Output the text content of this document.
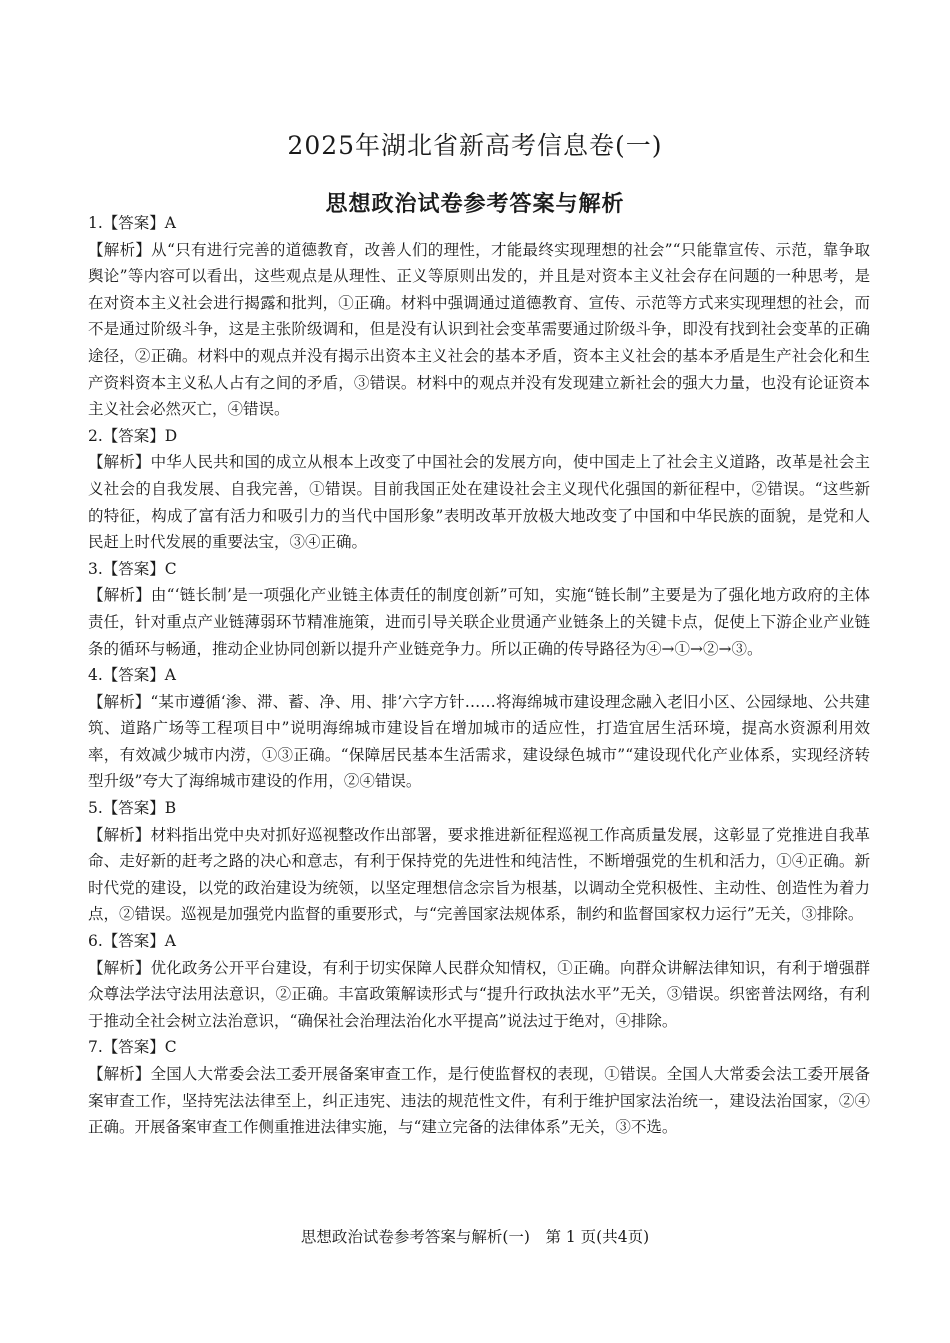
2025年湖北省新高考信息卷(一)
思想政治试卷参考答案与解析
1.【答案】A
【解析】从“只有进行完善的道德教育，改善人们的理性，才能最终实现理想的社会”“只能靠宣传、示范，靠争取舆论”等内容可以看出，这些观点是从理性、正义等原则出发的，并且是对资本主义社会存在问题的一种思考，是在对资本主义社会进行揭露和批判，①正确。材料中强调通过道德教育、宣传、示范等方式来实现理想的社会，而不是通过阶级斗争，这是主张阶级调和，但是没有认识到社会变革需要通过阶级斗争，即没有找到社会变革的正确途径，②正确。材料中的观点并没有揭示出资本主义社会的基本矛盾，资本主义社会的基本矛盾是生产社会化和生产资料资本主义私人占有之间的矛盾，③错误。材料中的观点并没有发现建立新社会的强大力量，也没有论证资本主义社会必然灭亡，④错误。
2.【答案】D
【解析】中华人民共和国的成立从根本上改变了中国社会的发展方向，使中国走上了社会主义道路，改革是社会主义社会的自我发展、自我完善，①错误。目前我国正处在建设社会主义现代化强国的新征程中，②错误。“这些新的特征，构成了富有活力和吸引力的当代中国形象”表明改革开放极大地改变了中国和中华民族的面貌，是党和人民赶上时代发展的重要法宝，③④正确。
3.【答案】C
【解析】由“‘链长制’是一项强化产业链主体责任的制度创新”可知，实施“链长制”主要是为了强化地方政府的主体责任，针对重点产业链薄弱环节精准施策，进而引导关联企业贯通产业链条上的关键卡点，促使上下游企业产业链条的循环与畅通，推动企业协同创新以提升产业链竞争力。所以正确的传导路径为④→①→②→③。
4.【答案】A
【解析】“某市遵循‘渗、滞、蓄、净、用、排’六字方针……将海绵城市建设理念融入老旧小区、公园绿地、公共建筑、道路广场等工程项目中”说明海绵城市建设旨在增加城市的适应性，打造宜居生活环境，提高水资源利用效率，有效减少城市内涝，①③正确。“保障居民基本生活需求，建设绿色城市”“建设现代化产业体系，实现经济转型升级”夸大了海绵城市建设的作用，②④错误。
5.【答案】B
【解析】材料指出党中央对抓好巡视整改作出部署，要求推进新征程巡视工作高质量发展，这彰显了党推进自我革命、走好新的赶考之路的决心和意志，有利于保持党的先进性和纯洁性，不断增强党的生机和活力，①④正确。新时代党的建设，以党的政治建设为统领，以坚定理想信念宗旨为根基，以调动全党积极性、主动性、创造性为着力点，②错误。巡视是加强党内监督的重要形式，与“完善国家法规体系，制约和监督国家权力运行”无关，③排除。
6.【答案】A
【解析】优化政务公开平台建设，有利于切实保障人民群众知情权，①正确。向群众讲解法律知识，有利于增强群众尊法学法守法用法意识，②正确。丰富政策解读形式与“提升行政执法水平”无关，③错误。织密普法网络，有利于推动全社会树立法治意识，“确保社会治理法治化水平提高”说法过于绝对，④排除。
7.【答案】C
【解析】全国人大常委会法工委开展备案审查工作，是行使监督权的表现，①错误。全国人大常委会法工委开展备案审查工作，坚持宪法法律至上，纠正违宪、违法的规范性文件，有利于维护国家法治统一，建设法治国家，②④正确。开展备案审查工作侧重推进法律实施，与“建立完备的法律体系”无关，③不选。
思想政治试卷参考答案与解析(一)　第 1 页(共4页)
